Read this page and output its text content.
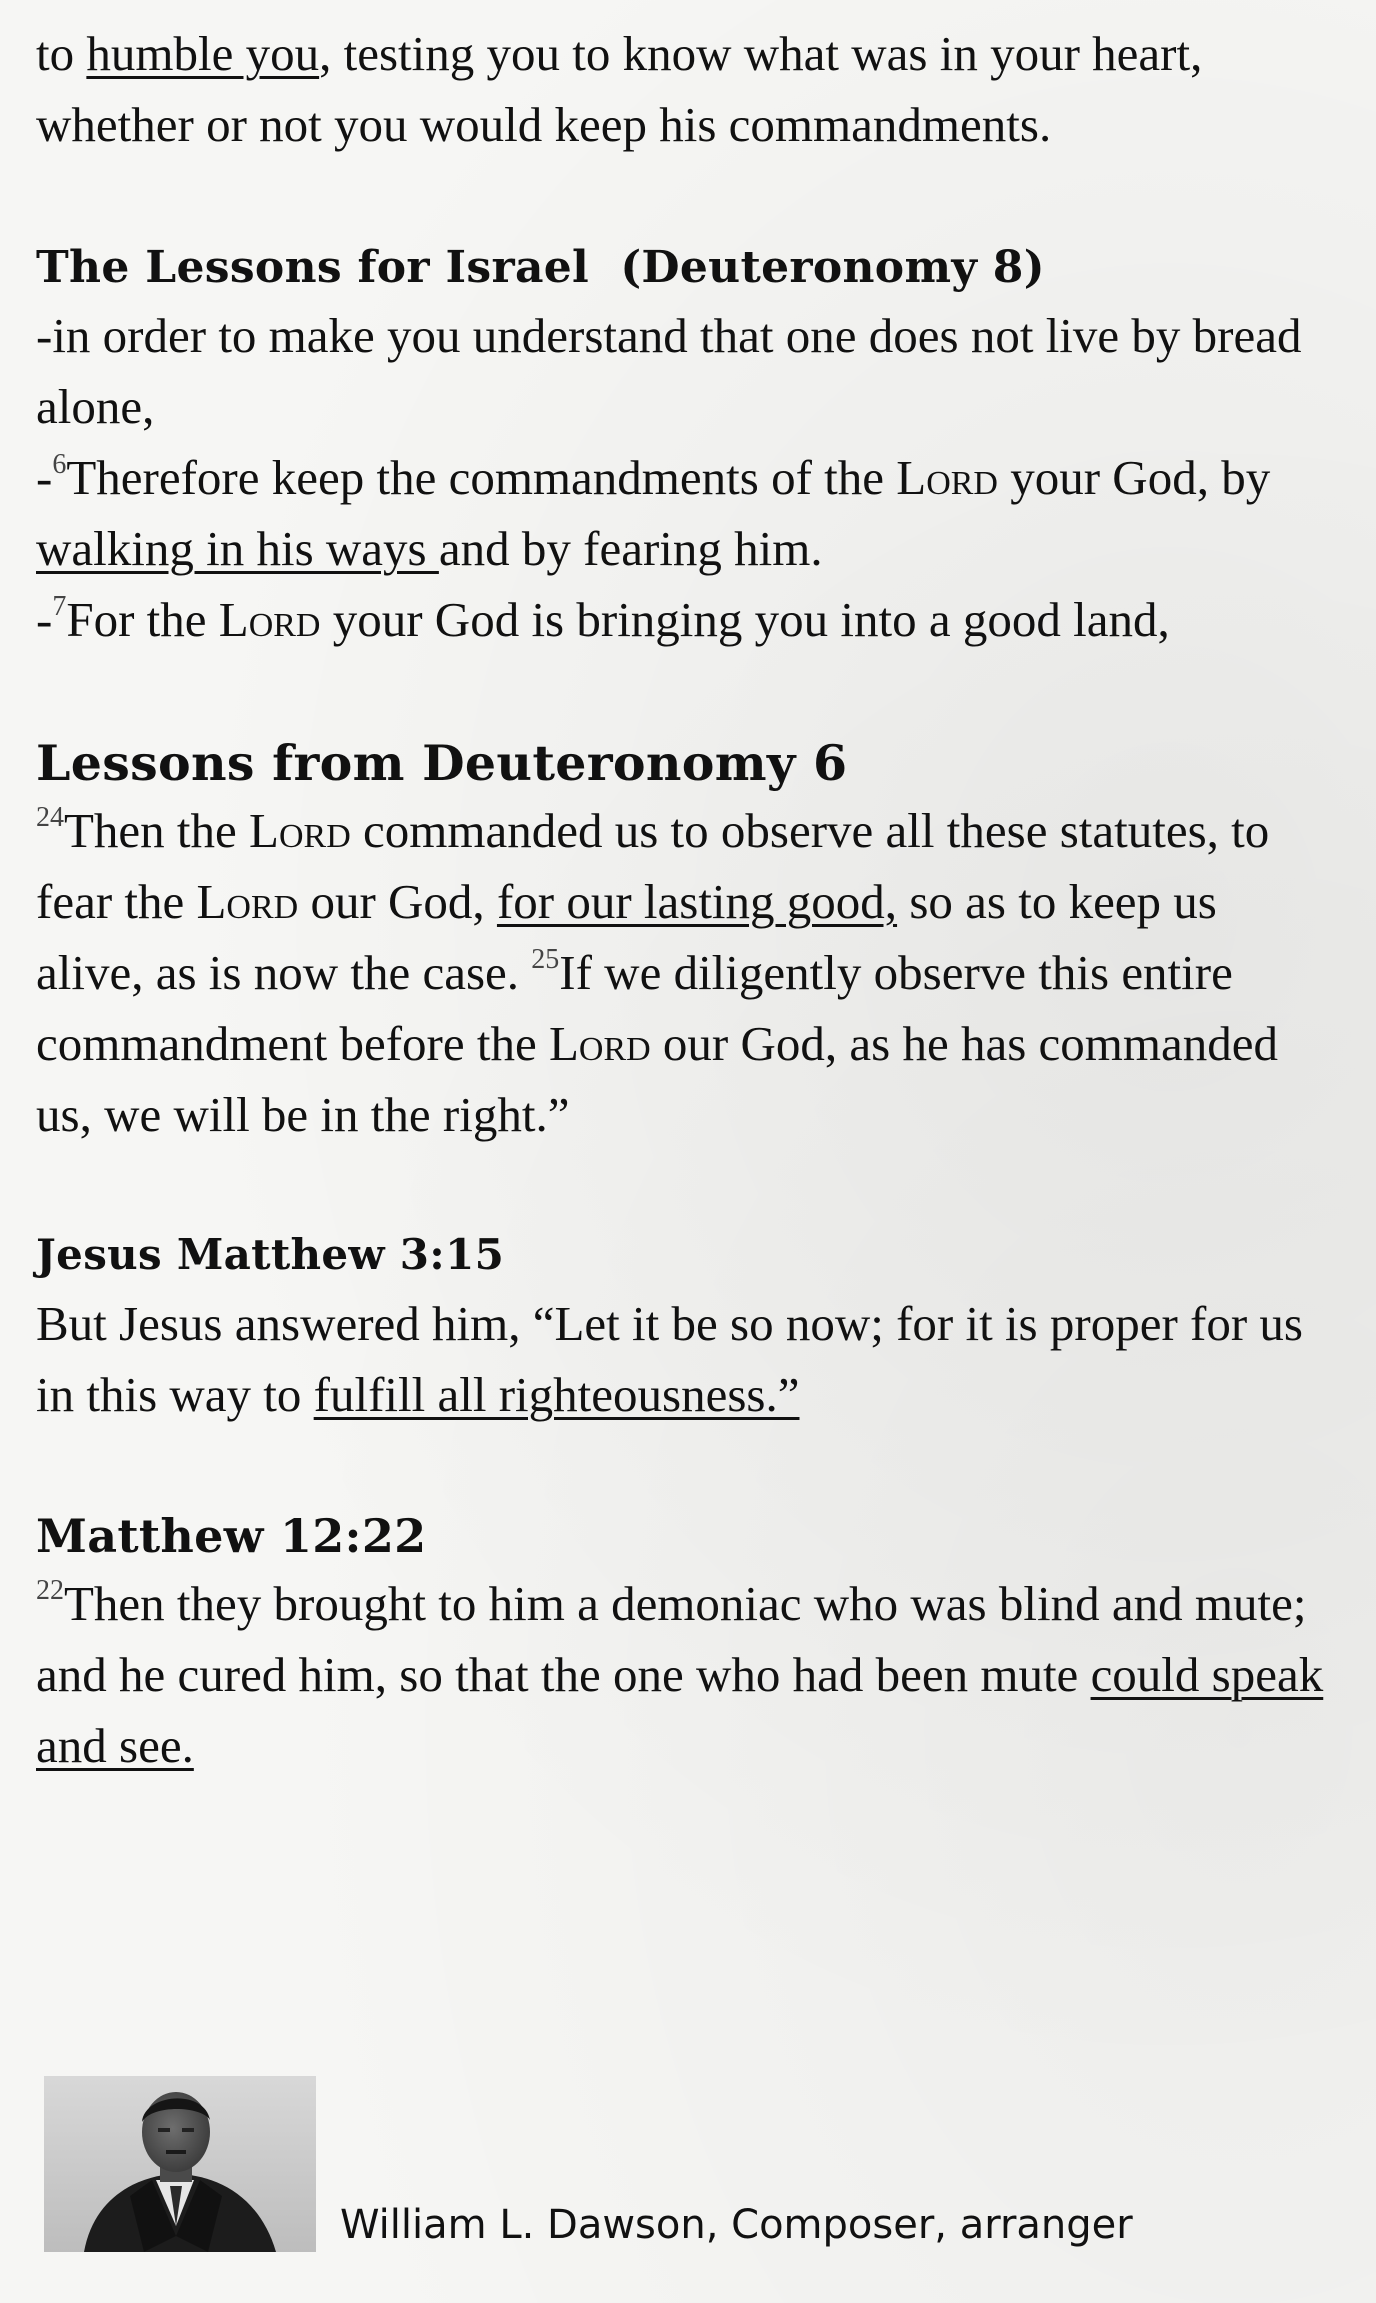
to humble you, testing you to know what was in your heart, whether or not you would keep his commandments.

The Lessons for Israel  (Deuteronomy 8)

-in order to make you understand that one does not live by bread alone,
-$^6$Therefore keep the commandments of the Lord your God, by walking in his ways and by fearing him.
-$^7$For the Lord your God is bringing you into a good land,

Lessons from Deuteronomy 6

$^{24}$Then the Lord commanded us to observe all these statutes, to fear the Lord our God, for our lasting good, so as to keep us alive, as is now the case. $^{25}$If we diligently observe this entire commandment before the Lord our God, as he has commanded us, we will be in the right.”

Jesus Matthew 3:15

But Jesus answered him, “Let it be so now; for it is proper for us in this way to fulfill all righteousness.”

Matthew 12:22

$^{22}$Then they brought to him a demoniac who was blind and mute; and he cured him, so that the one who had been mute could speak and see.

William L. Dawson, Composer, arranger
